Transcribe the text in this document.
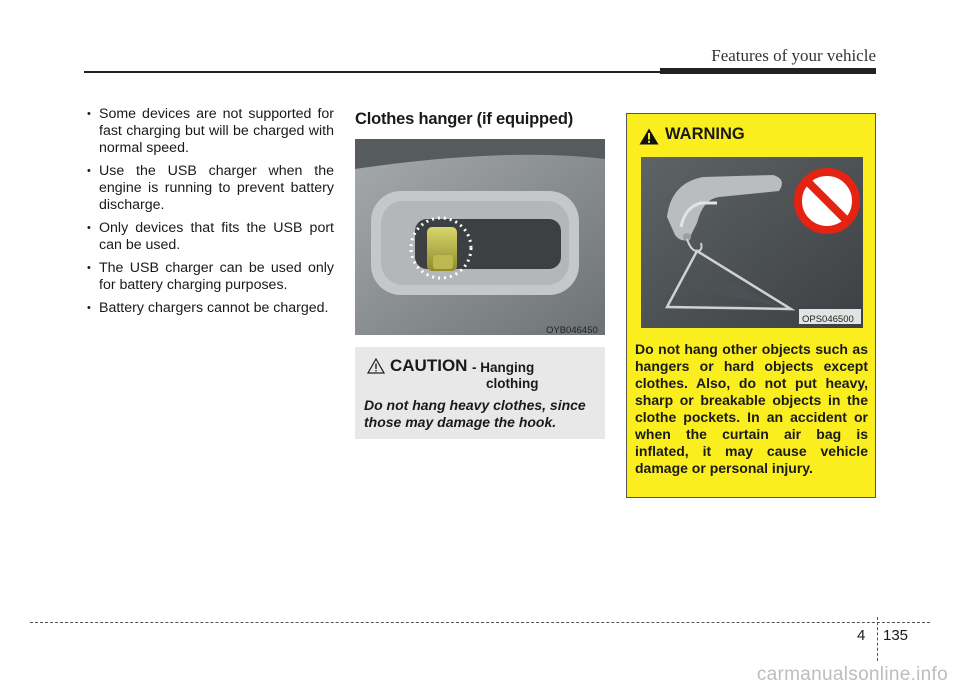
Features of your vehicle
• Some devices are not supported for fast charging but will be charged with normal speed.
• Use the USB charger when the engine is running to prevent battery discharge.
• Only devices that fits the USB port can be used.
• The USB charger can be used only for battery charging purposes.
• Battery chargers cannot be charged.
Clothes hanger (if equipped)
OYB046450
CAUTION - Hanging
clothing
Do not hang heavy clothes, since those may damage the hook.
WARNING
OPS046500
Do not hang other objects such as hangers or hard objects except clothes. Also, do not put heavy, sharp or breakable objects in the clothe pockets. In an accident or when the curtain air bag is inflated, it may cause vehicle damage or personal injury.
4 135
carmanualsonline.info
